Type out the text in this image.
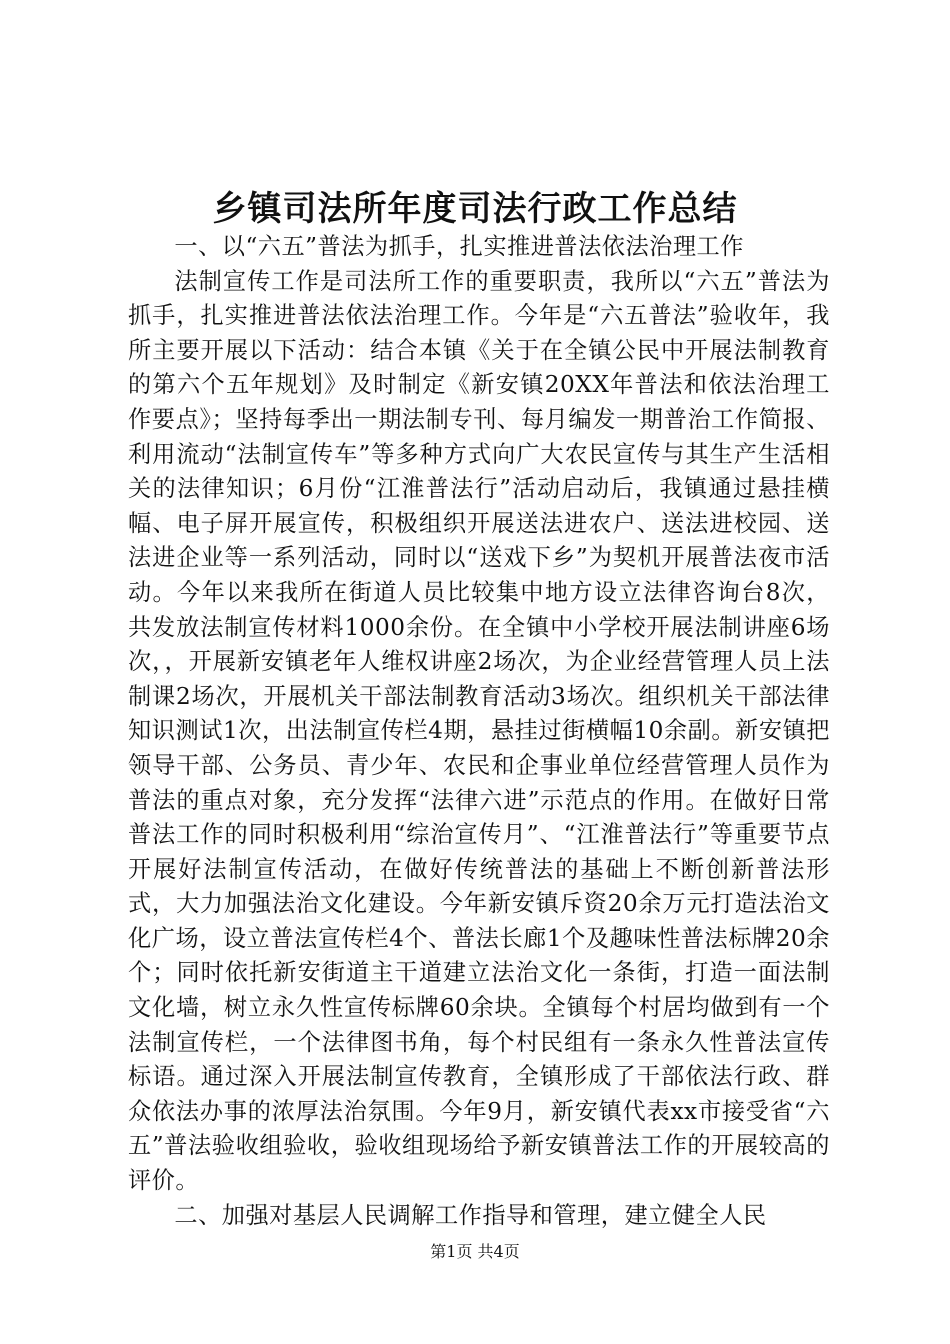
乡镇司法所年度司法行政工作总结

一、以“六五”普法为抓手，扎实推进普法依法治理工作

法制宣传工作是司法所工作的重要职责，我所以“六五”普法为抓手，扎实推进普法依法治理工作。今年是“六五普法”验收年，我所主要开展以下活动：结合本镇《关于在全镇公民中开展法制教育的第六个五年规划》及时制定《新安镇20XX年普法和依法治理工作要点》；坚持每季出一期法制专刊、每月编发一期普治工作简报、利用流动“法制宣传车”等多种方式向广大农民宣传与其生产生活相关的法律知识；6月份“江淮普法行”活动启动后，我镇通过悬挂横幅、电子屏开展宣传，积极组织开展送法进农户、送法进校园、送法进企业等一系列活动，同时以“送戏下乡”为契机开展普法夜市活动。今年以来我所在街道人员比较集中地方设立法律咨询台8次，共发放法制宣传材料1000余份。在全镇中小学校开展法制讲座6场次，，开展新安镇老年人维权讲座2场次，为企业经营管理人员上法制课2场次，开展机关干部法制教育活动3场次。组织机关干部法律知识测试1次，出法制宣传栏4期，悬挂过街横幅10余副。新安镇把领导干部、公务员、青少年、农民和企事业单位经营管理人员作为普法的重点对象，充分发挥“法律六进”示范点的作用。在做好日常普法工作的同时积极利用“综治宣传月”、“江淮普法行”等重要节点开展好法制宣传活动，在做好传统普法的基础上不断创新普法形式，大力加强法治文化建设。今年新安镇斥资20余万元打造法治文化广场，设立普法宣传栏4个、普法长廊1个及趣味性普法标牌20余个；同时依托新安街道主干道建立法治文化一条街，打造一面法制文化墙，树立永久性宣传标牌60余块。全镇每个村居均做到有一个法制宣传栏，一个法律图书角，每个村民组有一条永久性普法宣传标语。通过深入开展法制宣传教育，全镇形成了干部依法行政、群众依法办事的浓厚法治氛围。今年9月，新安镇代表xx市接受省“六五”普法验收组验收，验收组现场给予新安镇普法工作的开展较高的评价。

二、加强对基层人民调解工作指导和管理，建立健全人民

第1页 共4页
